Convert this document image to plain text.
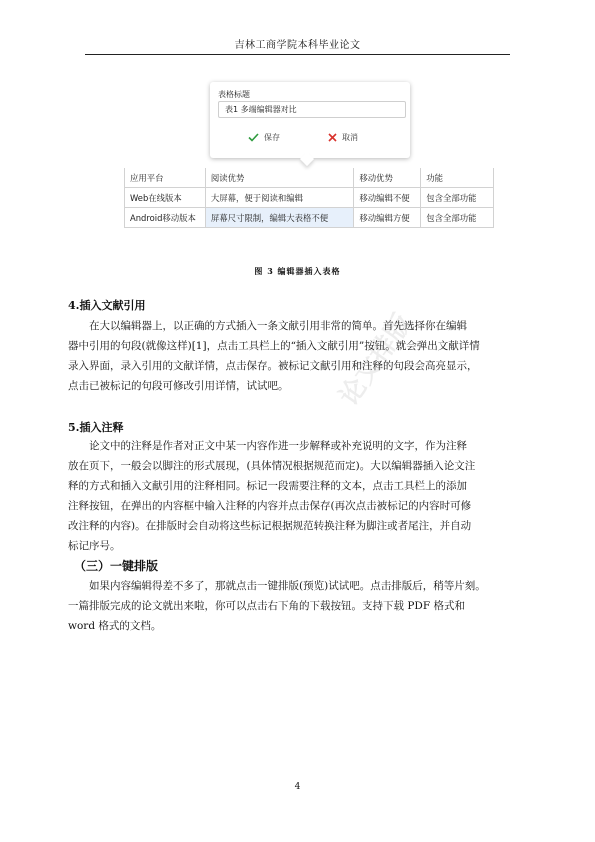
吉林工商学院本科毕业论文
表格标题
表1 多端编辑器对比
保存	取消
应用平台	阅读优势	移动优势	功能
Web在线版本	大屏幕，便于阅读和编辑	移动编辑不便	包含全部功能
Android移动版本	屏幕尺寸限制，编辑大表格不便	移动编辑方便	包含全部功能
图 3 编辑器插入表格
论文排版
4.插入文献引用
在大以编辑器上，以正确的方式插入一条文献引用非常的简单。首先选择你在编辑
器中引用的句段(就像这样)[1]，点击工具栏上的“插入文献引用”按钮。就会弹出文献详情
录入界面，录入引用的文献详情，点击保存。被标记文献引用和注释的句段会高亮显示，
点击已被标记的句段可修改引用详情，试试吧。
5.插入注释
论文中的注释是作者对正文中某一内容作进一步解释或补充说明的文字，作为注释
放在页下，一般会以脚注的形式展现，(具体情况根据规范而定)。大以编辑器插入论文注
释的方式和插入文献引用的注释相同。标记一段需要注释的文本，点击工具栏上的添加
注释按钮，在弹出的内容框中输入注释的内容并点击保存(再次点击被标记的内容时可修
改注释的内容)。在排版时会自动将这些标记根据规范转换注释为脚注或者尾注，并自动
标记序号。
（三）一键排版
如果内容编辑得差不多了，那就点击一键排版(预览)试试吧。点击排版后，稍等片刻。
一篇排版完成的论文就出来啦，你可以点击右下角的下载按钮。支持下载 PDF 格式和
word 格式的文档。
4
